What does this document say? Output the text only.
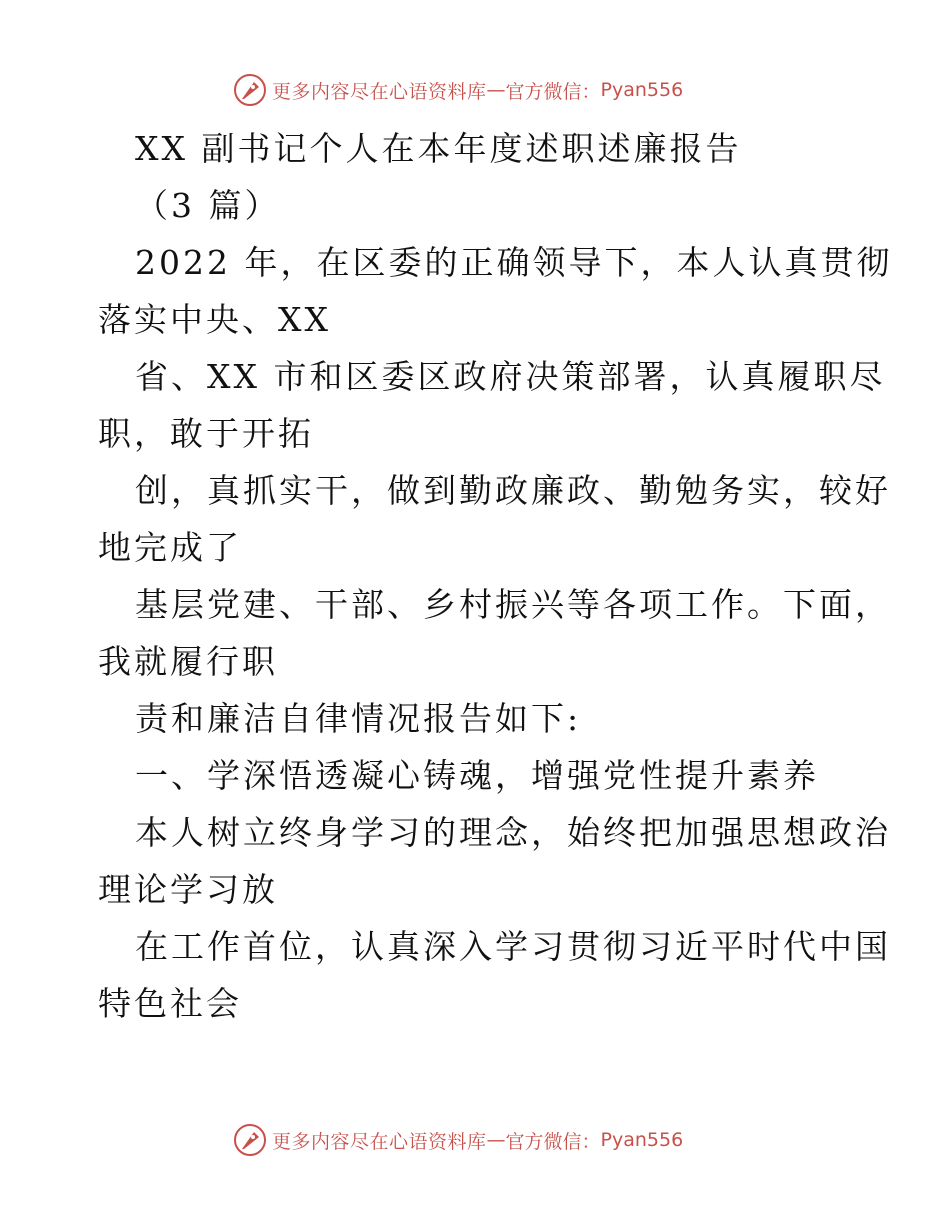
更多内容尽在心语资料库 — 官方微信： Pyan556
XX 副书记个人在本年度述职述廉报告
（3 篇）
2022 年，在区委的正确领导下，本人认真贯彻
落实中央、XX
省、XX 市和区委区政府决策部署，认真履职尽
职，敢于开拓
创，真抓实干，做到勤政廉政、勤勉务实，较好
地完成了
基层党建、干部、乡村振兴等各项工作。下面，
我就履行职
责和廉洁自律情况报告如下:
一、学深悟透凝心铸魂，增强党性提升素养
本人树立终身学习的理念，始终把加强思想政治
理论学习放
在工作首位，认真深入学习贯彻习近平时代中国
特色社会
更多内容尽在心语资料库 — 官方微信： Pyan556
